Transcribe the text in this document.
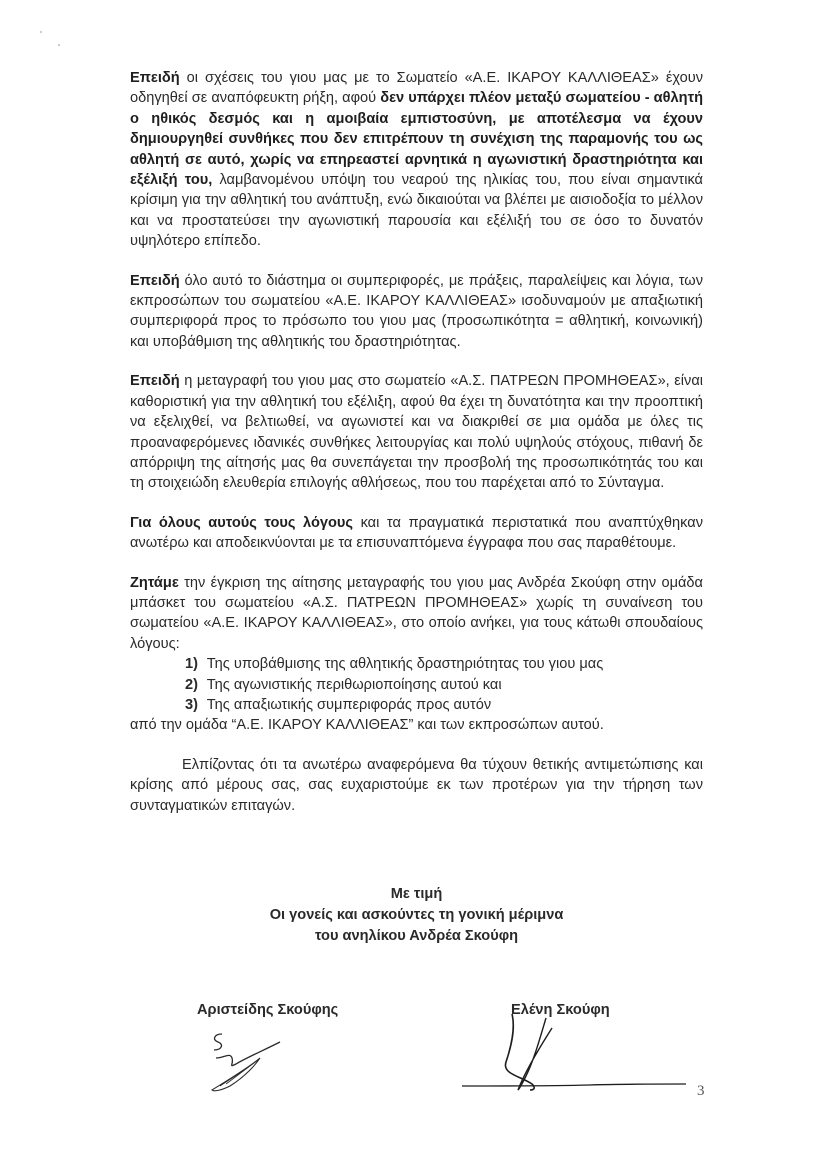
Επειδή οι σχέσεις του γιου μας με το Σωματείο «Α.Ε. ΙΚΑΡΟΥ ΚΑΛΛΙΘΕΑΣ» έχουν οδηγηθεί σε αναπόφευκτη ρήξη, αφού δεν υπάρχει πλέον μεταξύ σωματείου - αθλητή ο ηθικός δεσμός και η αμοιβαία εμπιστοσύνη, με αποτέλεσμα να έχουν δημιουργηθεί συνθήκες που δεν επιτρέπουν τη συνέχιση της παραμονής του ως αθλητή σε αυτό, χωρίς να επηρεαστεί αρνητικά η αγωνιστική δραστηριότητα και εξέλιξή του, λαμβανομένου υπόψη του νεαρού της ηλικίας του, που είναι σημαντικά κρίσιμη για την αθλητική του ανάπτυξη, ενώ δικαιούται να βλέπει με αισιοδοξία το μέλλον και να προστατεύσει την αγωνιστική παρουσία και εξέλιξή του σε όσο το δυνατόν υψηλότερο επίπεδο.

Επειδή όλο αυτό το διάστημα οι συμπεριφορές, με πράξεις, παραλείψεις και λόγια, των εκπροσώπων του σωματείου «Α.Ε. ΙΚΑΡΟΥ ΚΑΛΛΙΘΕΑΣ» ισοδυναμούν με απαξιωτική συμπεριφορά προς το πρόσωπο του γιου μας (προσωπικότητα = αθλητική, κοινωνική) και υποβάθμιση της αθλητικής του δραστηριότητας.

Επειδή η μεταγραφή του γιου μας στο σωματείο «Α.Σ. ΠΑΤΡΕΩΝ ΠΡΟΜΗΘΕΑΣ», είναι καθοριστική για την αθλητική του εξέλιξη, αφού θα έχει τη δυνατότητα και την προοπτική να εξελιχθεί, να βελτιωθεί, να αγωνιστεί και να διακριθεί σε μια ομάδα με όλες τις προαναφερόμενες ιδανικές συνθήκες λειτουργίας και πολύ υψηλούς στόχους, πιθανή δε απόρριψη της αίτησής μας θα συνεπάγεται την προσβολή της προσωπικότητάς του και τη στοιχειώδη ελευθερία επιλογής αθλήσεως, που του παρέχεται από το Σύνταγμα.

Για όλους αυτούς τους λόγους και τα πραγματικά περιστατικά που αναπτύχθηκαν ανωτέρω και αποδεικνύονται με τα επισυναπτόμενα έγγραφα που σας παραθέτουμε.

Ζητάμε την έγκριση της αίτησης μεταγραφής του γιου μας Ανδρέα Σκούφη στην ομάδα μπάσκετ του σωματείου «Α.Σ. ΠΑΤΡΕΩΝ ΠΡΟΜΗΘΕΑΣ» χωρίς τη συναίνεση του σωματείου «Α.Ε. ΙΚΑΡΟΥ ΚΑΛΛΙΘΕΑΣ», στο οποίο ανήκει, για τους κάτωθι σπουδαίους λόγους:
1) Της υποβάθμισης της αθλητικής δραστηριότητας του γιου μας
2) Της αγωνιστικής περιθωριοποίησης αυτού και
3) Της απαξιωτικής συμπεριφοράς προς αυτόν
από την ομάδα “Α.Ε. ΙΚΑΡΟΥ ΚΑΛΛΙΘΕΑΣ” και των εκπροσώπων αυτού.

Ελπίζοντας ότι τα ανωτέρω αναφερόμενα θα τύχουν θετικής αντιμετώπισης και κρίσης από μέρους σας, σας ευχαριστούμε εκ των προτέρων για την τήρηση των συνταγματικών επιταγών.

Με τιμή
Οι γονείς και ασκούντες τη γονική μέριμνα
του ανηλίκου Ανδρέα Σκούφη
Αριστείδης Σκούφης	Ελένη Σκούφη
3
